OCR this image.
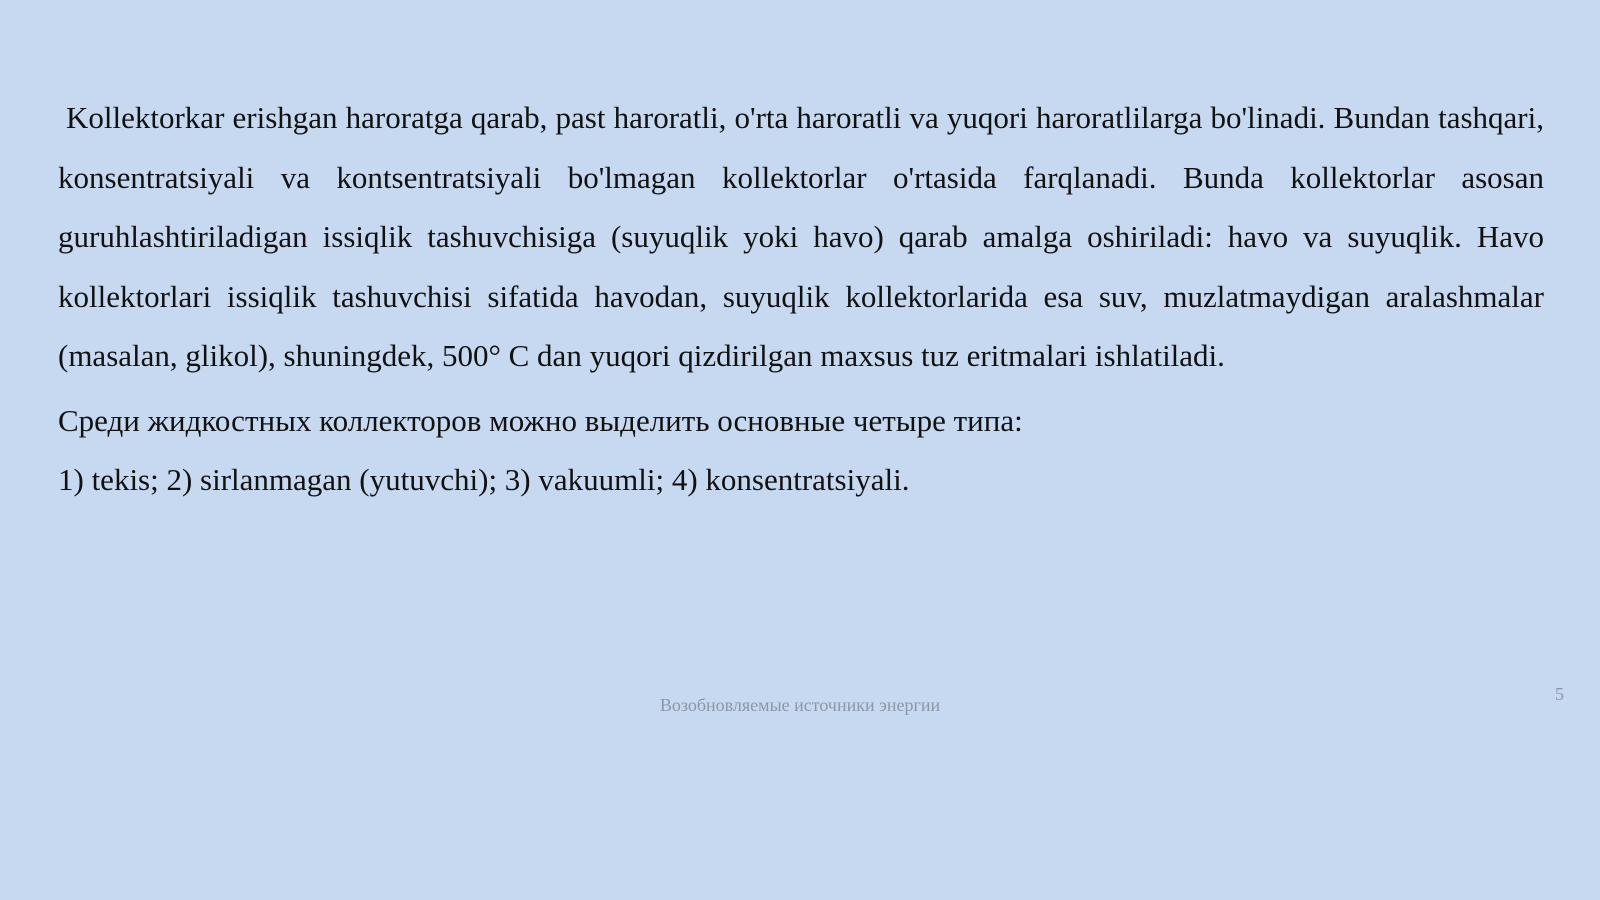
Kollektorkar erishgan haroratga qarab, past haroratli, o'rta haroratli va yuqori haroratlilarga bo'linadi. Bundan tashqari, konsentratsiyali va kontsentratsiyali bo'lmagan kollektorlar o'rtasida farqlanadi. Bunda kollektorlar asosan guruhlashtiriladigan issiqlik tashuvchisiga (suyuqlik yoki havo) qarab amalga oshiriladi: havo va suyuqlik. Havo kollektorlari issiqlik tashuvchisi sifatida havodan, suyuqlik kollektorlarida esa suv, muzlatmaydigan aralashmalar (masalan, glikol), shuningdek, 500° C dan yuqori qizdirilgan maxsus tuz eritmalari ishlatiladi.

Среди жидкостных коллекторов можно выделить основные четыре типа:

1) tekis; 2) sirlanmagan (yutuvchi); 3) vakuumli; 4) konsentratsiyali.

Возобновляемые источники энергии
5
